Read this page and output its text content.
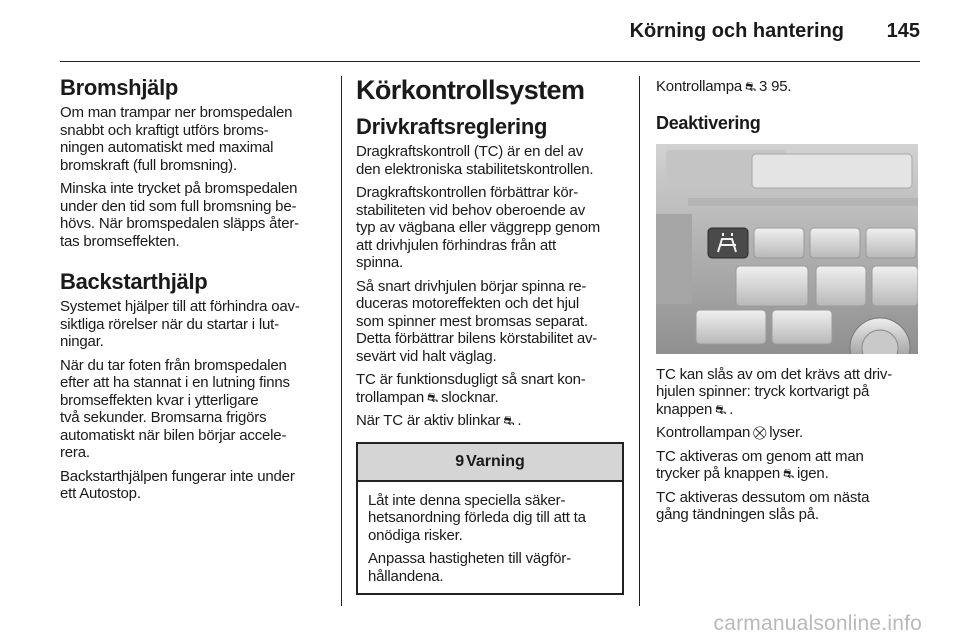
Körning och hantering 145
Bromshjälp

Om man trampar ner bromspedalen
snabbt och kraftigt utförs broms-
ningen automatiskt med maximal
bromskraft (full bromsning).

Minska inte trycket på bromspedalen
under den tid som full bromsning be-
hövs. När bromspedalen släpps åter-
tas bromseffekten.

Backstarthjälp

Systemet hjälper till att förhindra oav-
siktliga rörelser när du startar i lut-
ningar.

När du tar foten från bromspedalen
efter att ha stannat i en lutning finns
bromseffekten kvar i ytterligare
två sekunder. Bromsarna frigörs
automatiskt när bilen börjar accele-
rera.

Backstarthjälpen fungerar inte under
ett Autostop.

Körkontrollsystem
Drivkraftsreglering

Dragkraftskontroll (TC) är en del av
den elektroniska stabilitetskontrollen.

Dragkraftskontrollen förbättrar kör-
stabiliteten vid behov oberoende av
typ av vägbana eller väggrepp genom
att drivhjulen förhindras från att
spinna.

Så snart drivhjulen börjar spinna re-
duceras motoreffekten och det hjul
som spinner mest bromsas separat.
Detta förbättrar bilens körstabilitet av-
sevärt vid halt väglag.

TC är funktionsdugligt så snart kon-
trollampan ⛐ slocknar.

När TC är aktiv blinkar ⛐ .

9 Varning

Låt inte denna speciella säker-
hetsanordning förleda dig till att ta
onödiga risker.

Anpassa hastigheten till vägför-
hållandena.

Kontrollampa ⛐ 3 95.

Deaktivering

TC kan slås av om det krävs att driv-
hjulen spinner: tryck kortvarigt på
knappen ⛐ .

Kontrollampan ⛒ lyser.

TC aktiveras om genom att man
trycker på knappen ⛐ igen.

TC aktiveras dessutom om nästa
gång tändningen slås på.

carmanualsonline.info
